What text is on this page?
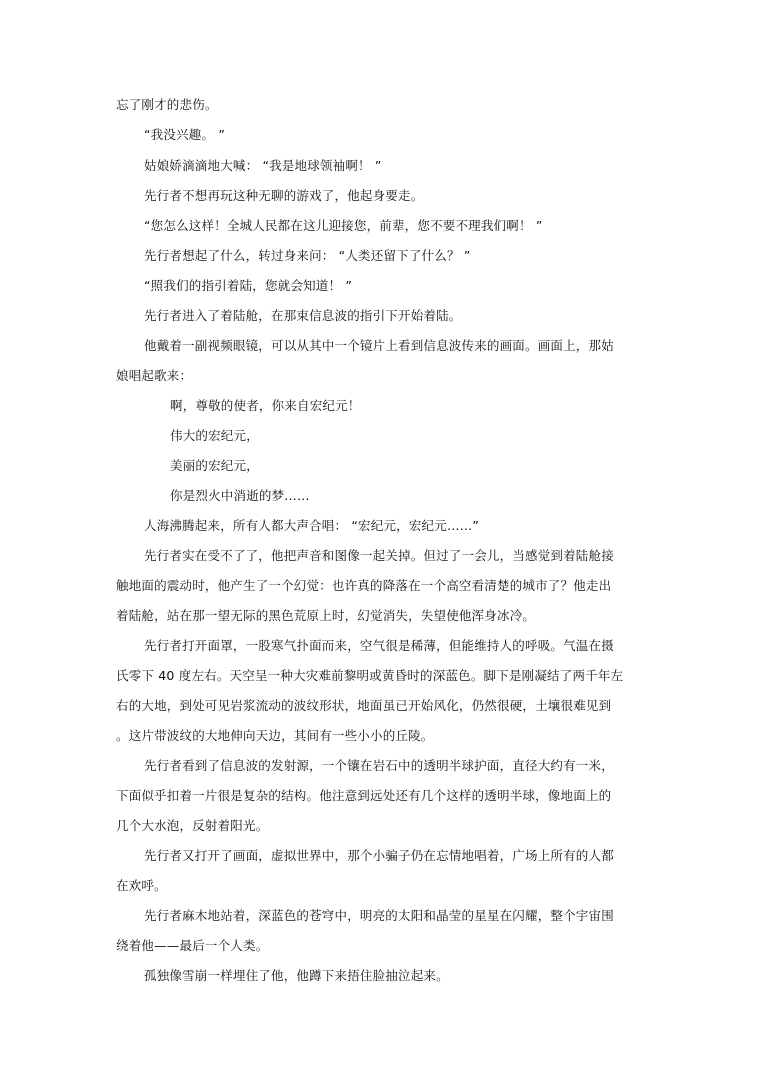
忘了刚才的悲伤。
“我没兴趣。 ”
姑娘娇滴滴地大喊： “我是地球领袖啊！ ”
先行者不想再玩这种无聊的游戏了，他起身要走。
“您怎么这样！全城人民都在这儿迎接您，前辈，您不要不理我们啊！ ”
先行者想起了什么，转过身来问： “人类还留下了什么？ ”
“照我们的指引着陆，您就会知道！ ”
先行者进入了着陆舱，在那束信息波的指引下开始着陆。
他戴着一副视频眼镜，可以从其中一个镜片上看到信息波传来的画面。画面上，那姑
娘唱起歌来：
啊，尊敬的使者，你来自宏纪元！
伟大的宏纪元，
美丽的宏纪元，
你是烈火中消逝的梦……
人海沸腾起来，所有人都大声合唱： “宏纪元，宏纪元……”
先行者实在受不了了，他把声音和图像一起关掉。但过了一会儿，当感觉到着陆舱接
触地面的震动时，他产生了一个幻觉：也许真的降落在一个高空看清楚的城市了？他走出
着陆舱，站在那一望无际的黑色荒原上时，幻觉消失，失望使他浑身冰冷。
先行者打开面罩，一股寒气扑面而来，空气很是稀薄，但能维持人的呼吸。气温在摄
氏零下 40 度左右。天空呈一种大灾难前黎明或黄昏时的深蓝色。脚下是刚凝结了两千年左
右的大地，到处可见岩浆流动的波纹形状，地面虽已开始风化，仍然很硬，土壤很难见到
。这片带波纹的大地伸向天边，其间有一些小小的丘陵。
先行者看到了信息波的发射源，一个镶在岩石中的透明半球护面，直径大约有一米，
下面似乎扣着一片很是复杂的结构。他注意到远处还有几个这样的透明半球，像地面上的
几个大水泡，反射着阳光。
先行者又打开了画面，虚拟世界中，那个小骗子仍在忘情地唱着，广场上所有的人都
在欢呼。
先行者麻木地站着，深蓝色的苍穹中，明亮的太阳和晶莹的星星在闪耀，整个宇宙围
绕着他——最后一个人类。
孤独像雪崩一样埋住了他，他蹲下来捂住脸抽泣起来。
